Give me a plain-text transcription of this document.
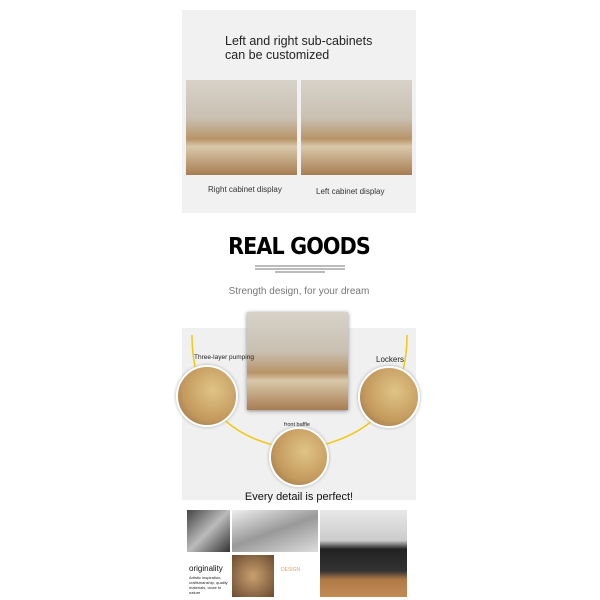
Left and right sub-cabinets
can be customized
Right cabinet display	Left cabinet display
REAL GOODS
Strength design, for your dream
Three-layer pumping	Lockers
front baffle
Every detail is perfect!
originality
Artistic inspiration, craftsmanship, quality materials, close to nature
DESIGN
